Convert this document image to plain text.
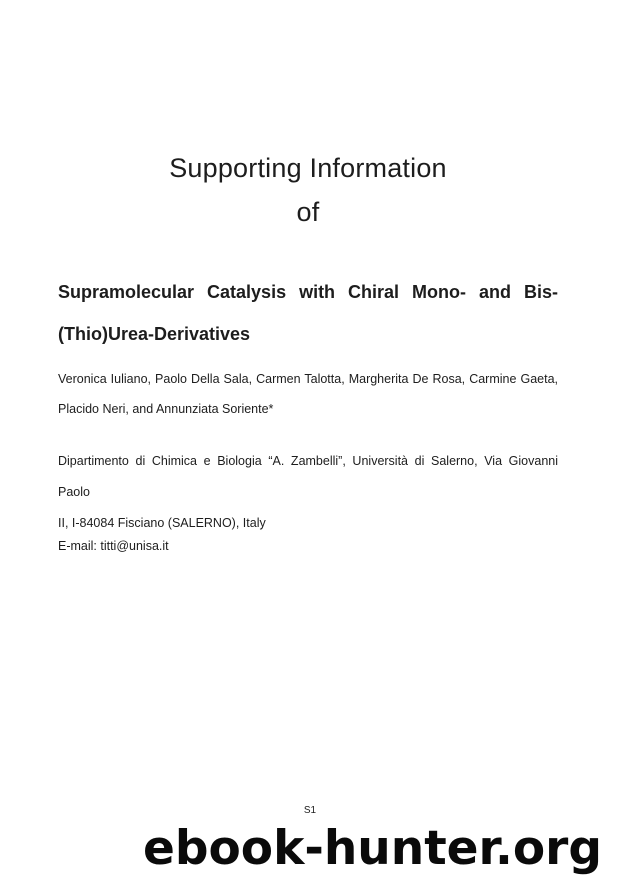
Supporting Information
of
Supramolecular Catalysis with Chiral Mono- and Bis-
(Thio)Urea-Derivatives
Veronica Iuliano, Paolo Della Sala, Carmen Talotta, Margherita De Rosa, Carmine Gaeta,
Placido Neri, and Annunziata Soriente*
Dipartimento di Chimica e Biologia “A. Zambelli”, Università di Salerno, Via Giovanni Paolo
II, I-84084 Fisciano (SALERNO), Italy
E-mail: titti@unisa.it
S1
ebook-hunter.org
